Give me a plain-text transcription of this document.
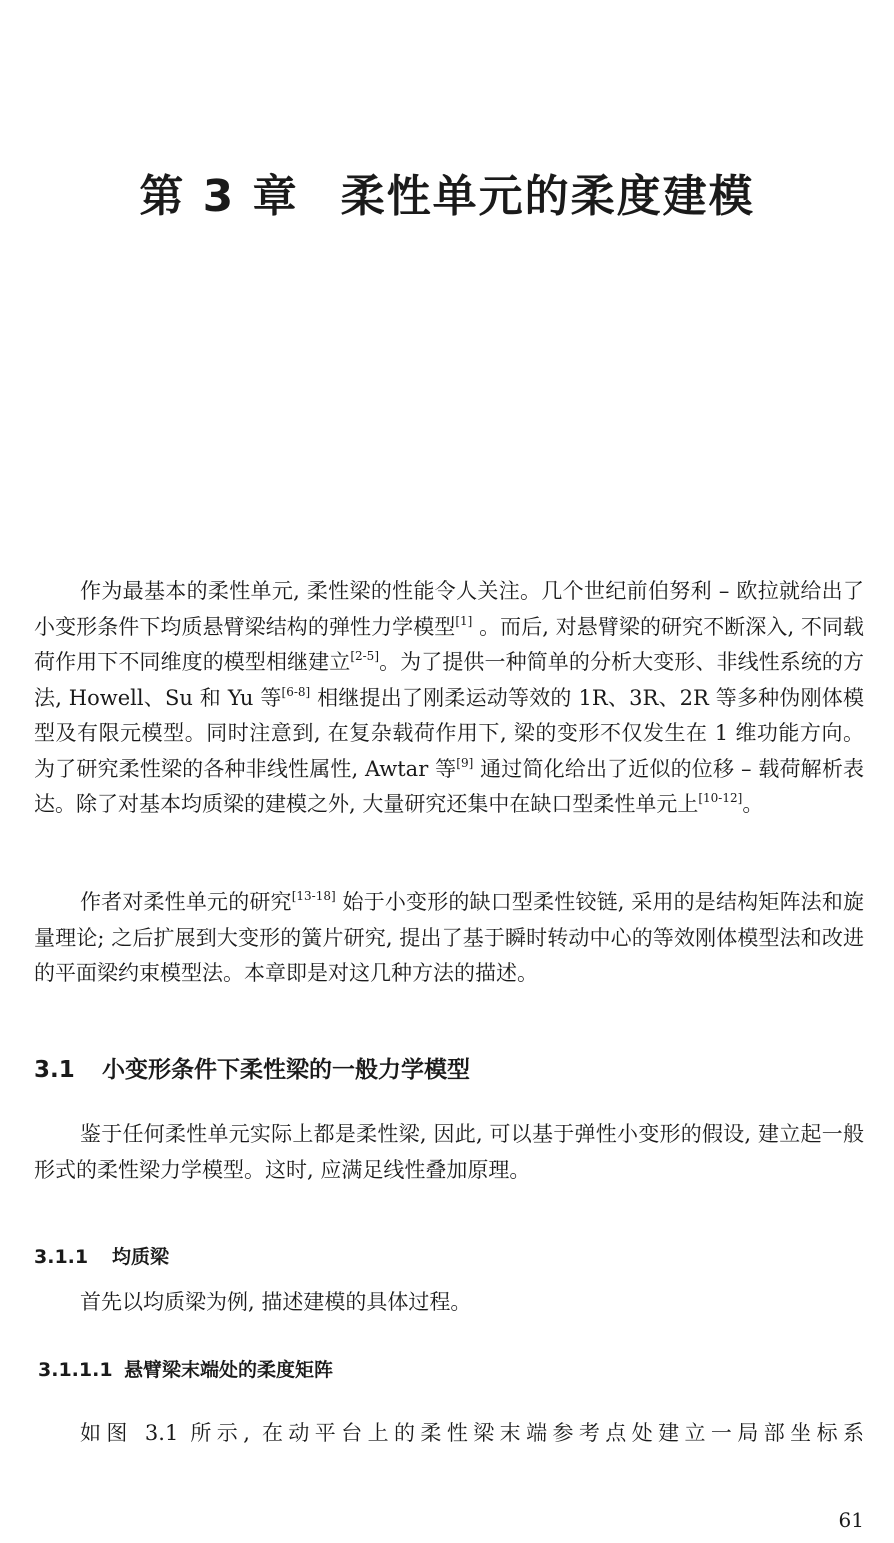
第 3 章 柔性单元的柔度建模

作为最基本的柔性单元, 柔性梁的性能令人关注。几个世纪前伯努利 – 欧拉就给出了小变形条件下均质悬臂梁结构的弹性力学模型[1] 。而后, 对悬臂梁的研究不断深入, 不同载荷作用下不同维度的模型相继建立[2-5]。为了提供一种简单的分析大变形、非线性系统的方法, Howell、Su 和 Yu 等[6-8] 相继提出了刚柔运动等效的 1R、3R、2R 等多种伪刚体模型及有限元模型。同时注意到, 在复杂载荷作用下, 梁的变形不仅发生在 1 维功能方向。为了研究柔性梁的各种非线性属性, Awtar 等[9] 通过简化给出了近似的位移 – 载荷解析表达。除了对基本均质梁的建模之外, 大量研究还集中在缺口型柔性单元上[10-12]。

作者对柔性单元的研究[13-18] 始于小变形的缺口型柔性铰链, 采用的是结构矩阵法和旋量理论; 之后扩展到大变形的簧片研究, 提出了基于瞬时转动中心的等效刚体模型法和改进的平面梁约束模型法。本章即是对这几种方法的描述。

3.1 小变形条件下柔性梁的一般力学模型

鉴于任何柔性单元实际上都是柔性梁, 因此, 可以基于弹性小变形的假设, 建立起一般形式的柔性梁力学模型。这时, 应满足线性叠加原理。

3.1.1 均质梁

首先以均质梁为例, 描述建模的具体过程。

3.1.1.1 悬臂梁末端处的柔度矩阵

如图 3.1 所示, 在动平台上的柔性梁末端参考点处建立一局部坐标系

61
